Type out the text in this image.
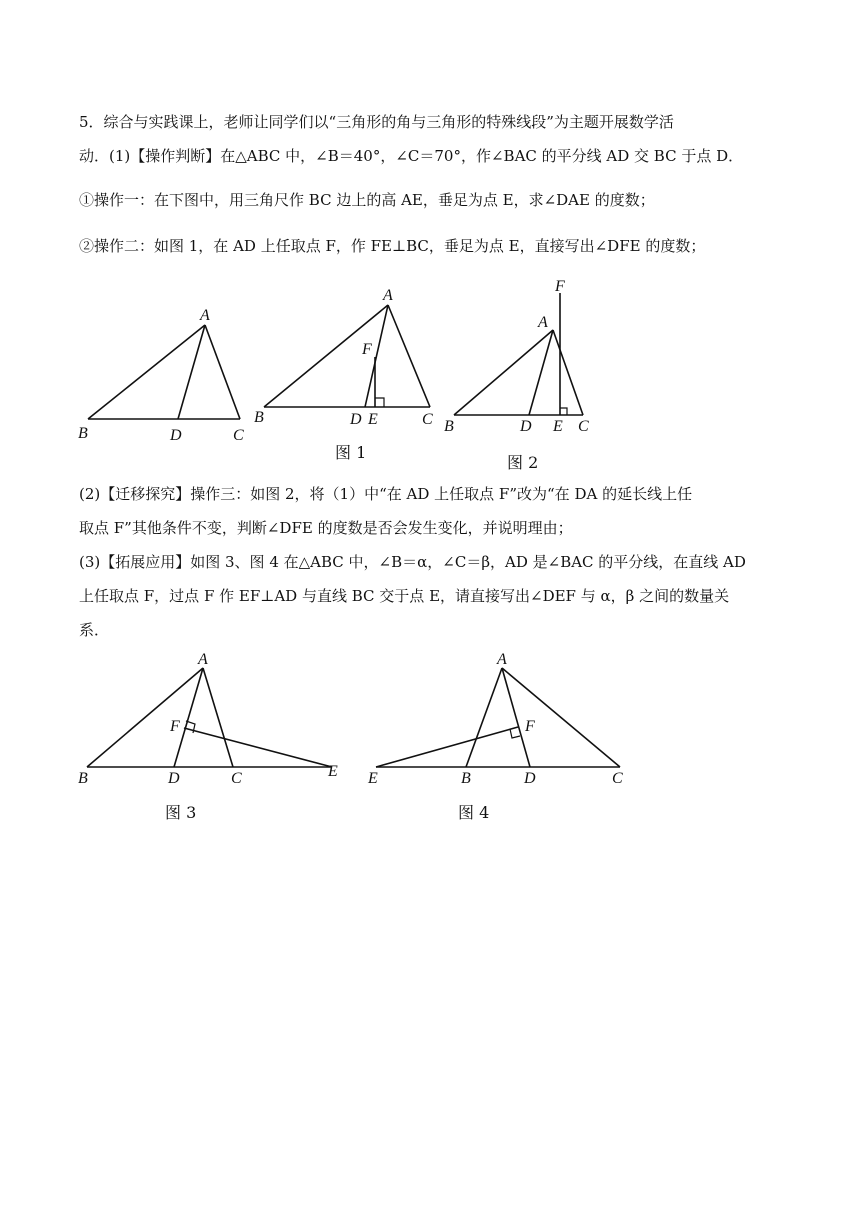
5．综合与实践课上，老师让同学们以“三角形的角与三角形的特殊线段”为主题开展数学活
动．(1)【操作判断】在△ABC 中，∠B＝40°，∠C＝70°，作∠BAC 的平分线 AD 交 BC 于点 D．
①操作一：在下图中，用三角尺作 BC 边上的高 AE，垂足为点 E，求∠DAE 的度数；
②操作二：如图 1，在 AD 上任取点 F，作 FE⊥BC，垂足为点 E，直接写出∠DFE 的度数；
A
B	D	C
A
F
B	D E	C
图 1
F
A
B	D E C
图 2
(2)【迁移探究】操作三：如图 2，将（1）中“在 AD 上任取点 F”改为“在 DA 的延长线上任
取点 F”其他条件不变，判断∠DFE 的度数是否会发生变化，并说明理由；
(3)【拓展应用】如图 3、图 4 在△ABC 中，∠B＝α，∠C＝β，AD 是∠BAC 的平分线，在直线 AD
上任取点 F，过点 F 作 EF⊥AD 与直线 BC 交于点 E，请直接写出∠DEF 与 α，β 之间的数量关
系．
A
F
B	D	C	E
图 3
A
F
E	B	D	C
图 4
